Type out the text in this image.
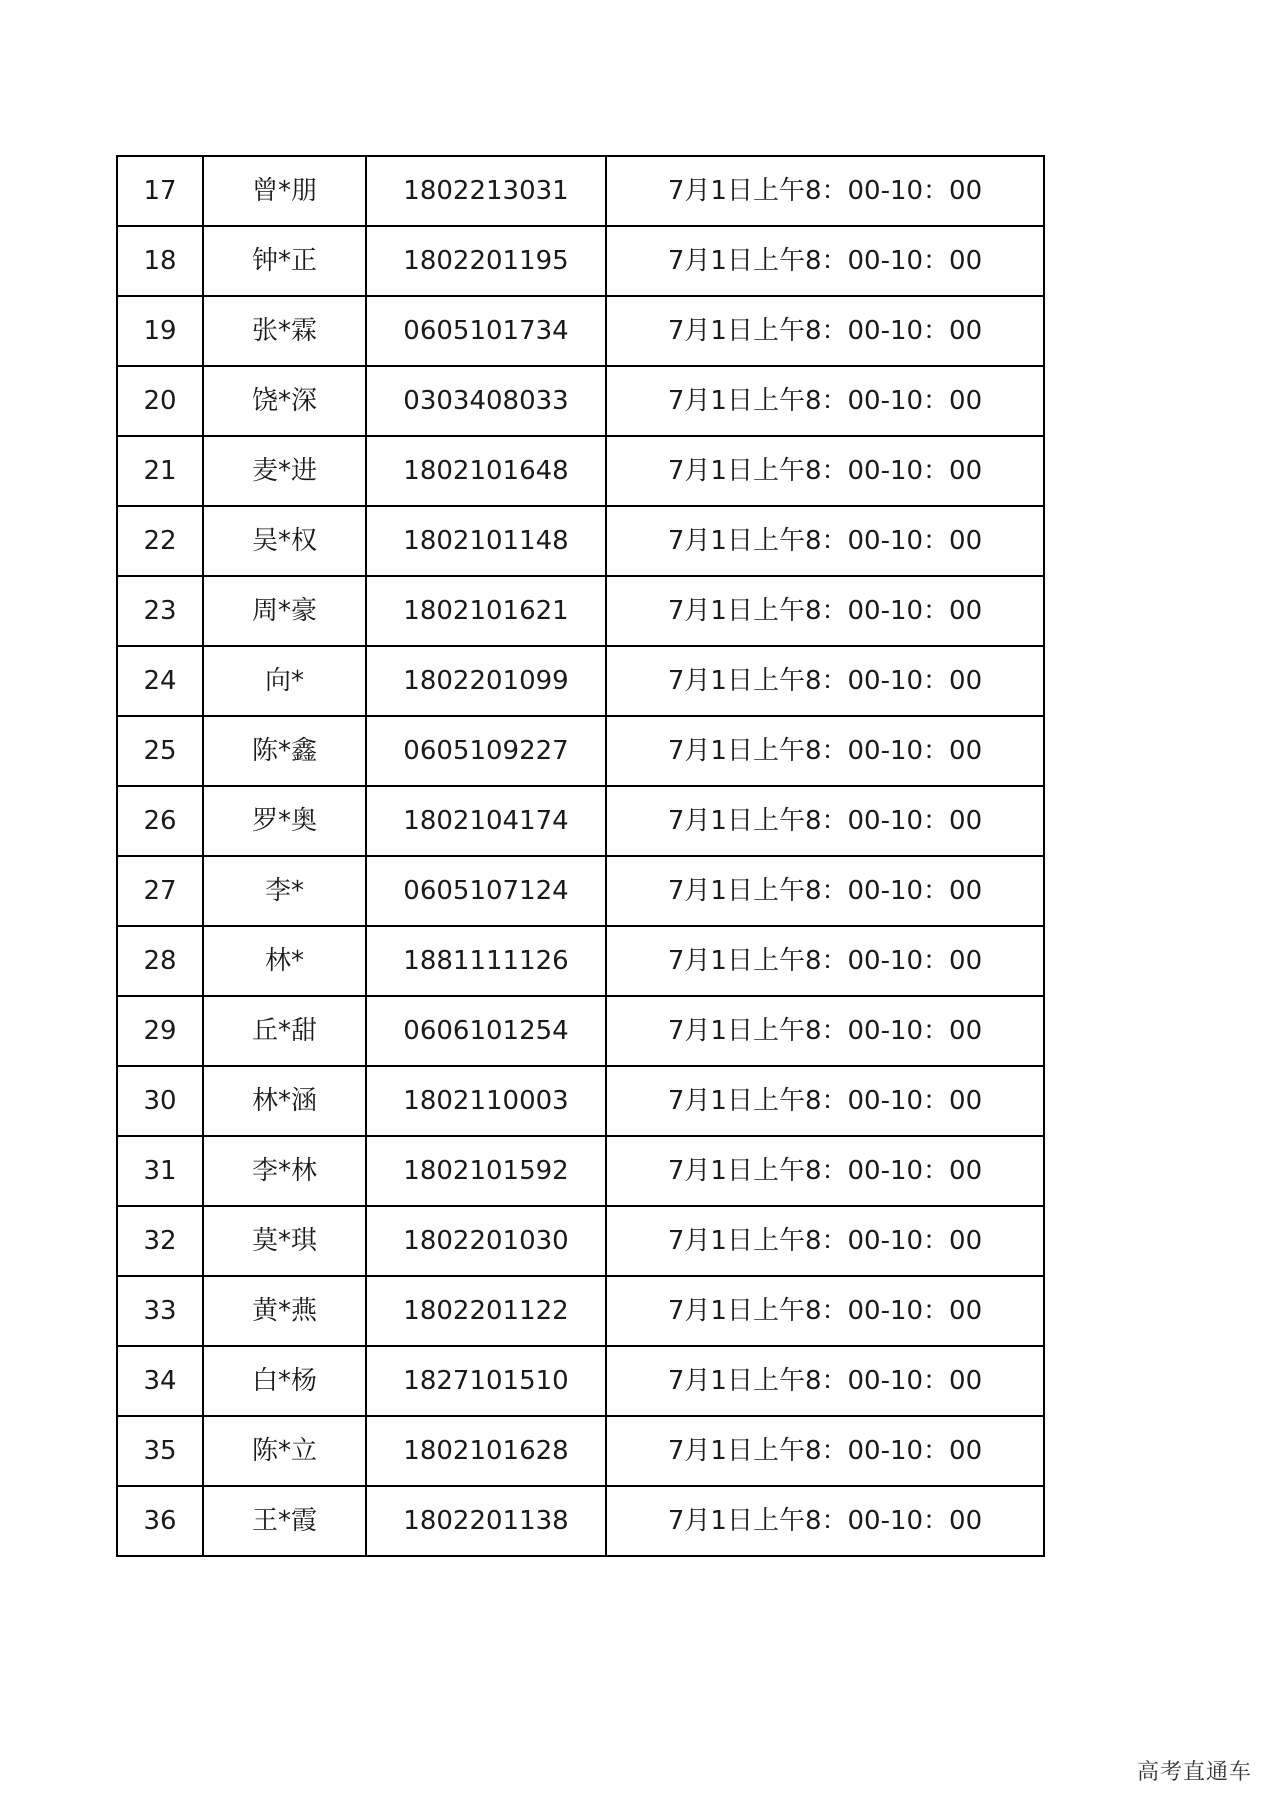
17	曾*朋	1802213031	7月1日上午8：00-10：00
18	钟*正	1802201195	7月1日上午8：00-10：00
19	张*霖	0605101734	7月1日上午8：00-10：00
20	饶*深	0303408033	7月1日上午8：00-10：00
21	麦*进	1802101648	7月1日上午8：00-10：00
22	吴*权	1802101148	7月1日上午8：00-10：00
23	周*豪	1802101621	7月1日上午8：00-10：00
24	向*	1802201099	7月1日上午8：00-10：00
25	陈*鑫	0605109227	7月1日上午8：00-10：00
26	罗*奥	1802104174	7月1日上午8：00-10：00
27	李*	0605107124	7月1日上午8：00-10：00
28	林*	1881111126	7月1日上午8：00-10：00
29	丘*甜	0606101254	7月1日上午8：00-10：00
30	林*涵	1802110003	7月1日上午8：00-10：00
31	李*林	1802101592	7月1日上午8：00-10：00
32	莫*琪	1802201030	7月1日上午8：00-10：00
33	黄*燕	1802201122	7月1日上午8：00-10：00
34	白*杨	1827101510	7月1日上午8：00-10：00
35	陈*立	1802101628	7月1日上午8：00-10：00
36	王*霞	1802201138	7月1日上午8：00-10：00
高考直通车
